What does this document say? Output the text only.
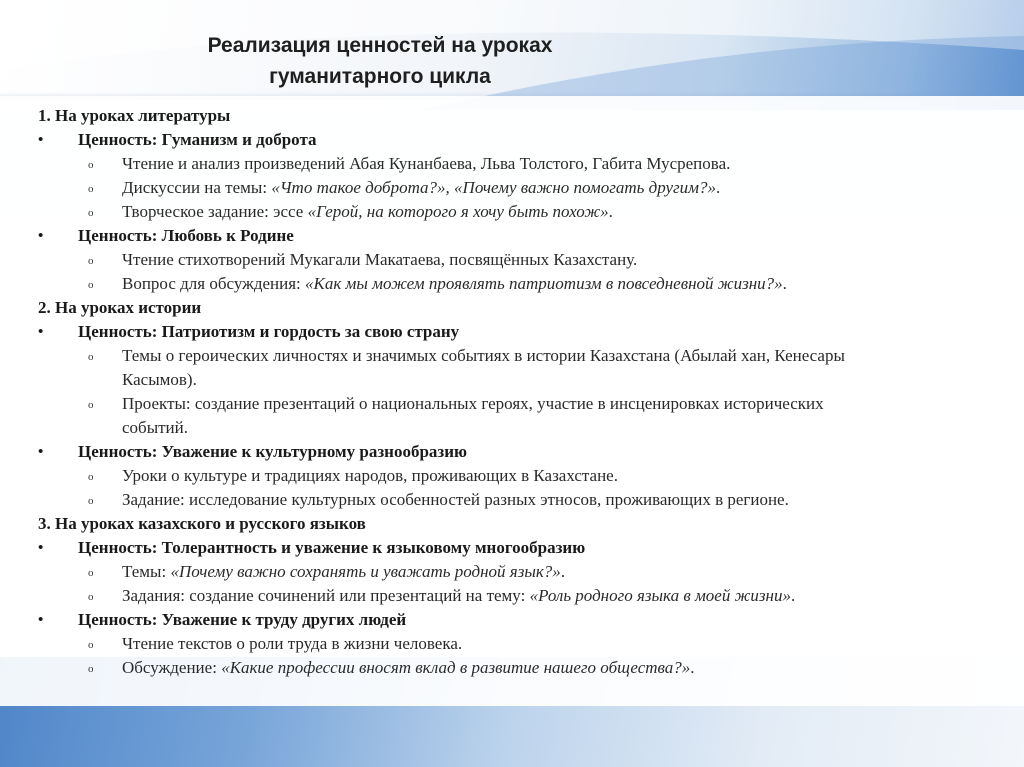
Реализация ценностей на уроках
гуманитарного цикла
1. На уроках литературы
• Ценность: Гуманизм и доброта
o Чтение и анализ произведений Абая Кунанбаева, Льва Толстого, Габита Мусрепова.
o Дискуссии на темы: «Что такое доброта?», «Почему важно помогать другим?».
o Творческое задание: эссе «Герой, на которого я хочу быть похож».
• Ценность: Любовь к Родине
o Чтение стихотворений Мукагали Макатаева, посвящённых Казахстану.
o Вопрос для обсуждения: «Как мы можем проявлять патриотизм в повседневной жизни?».
2. На уроках истории
• Ценность: Патриотизм и гордость за свою страну
o Темы о героических личностях и значимых событиях в истории Казахстана (Абылай хан, Кенесары
Касымов).
o Проекты: создание презентаций о национальных героях, участие в инсценировках исторических
событий.
• Ценность: Уважение к культурному разнообразию
o Уроки о культуре и традициях народов, проживающих в Казахстане.
o Задание: исследование культурных особенностей разных этносов, проживающих в регионе.
3. На уроках казахского и русского языков
• Ценность: Толерантность и уважение к языковому многообразию
o Темы: «Почему важно сохранять и уважать родной язык?».
o Задания: создание сочинений или презентаций на тему: «Роль родного языка в моей жизни».
• Ценность: Уважение к труду других людей
o Чтение текстов о роли труда в жизни человека.
o Обсуждение: «Какие профессии вносят вклад в развитие нашего общества?».
